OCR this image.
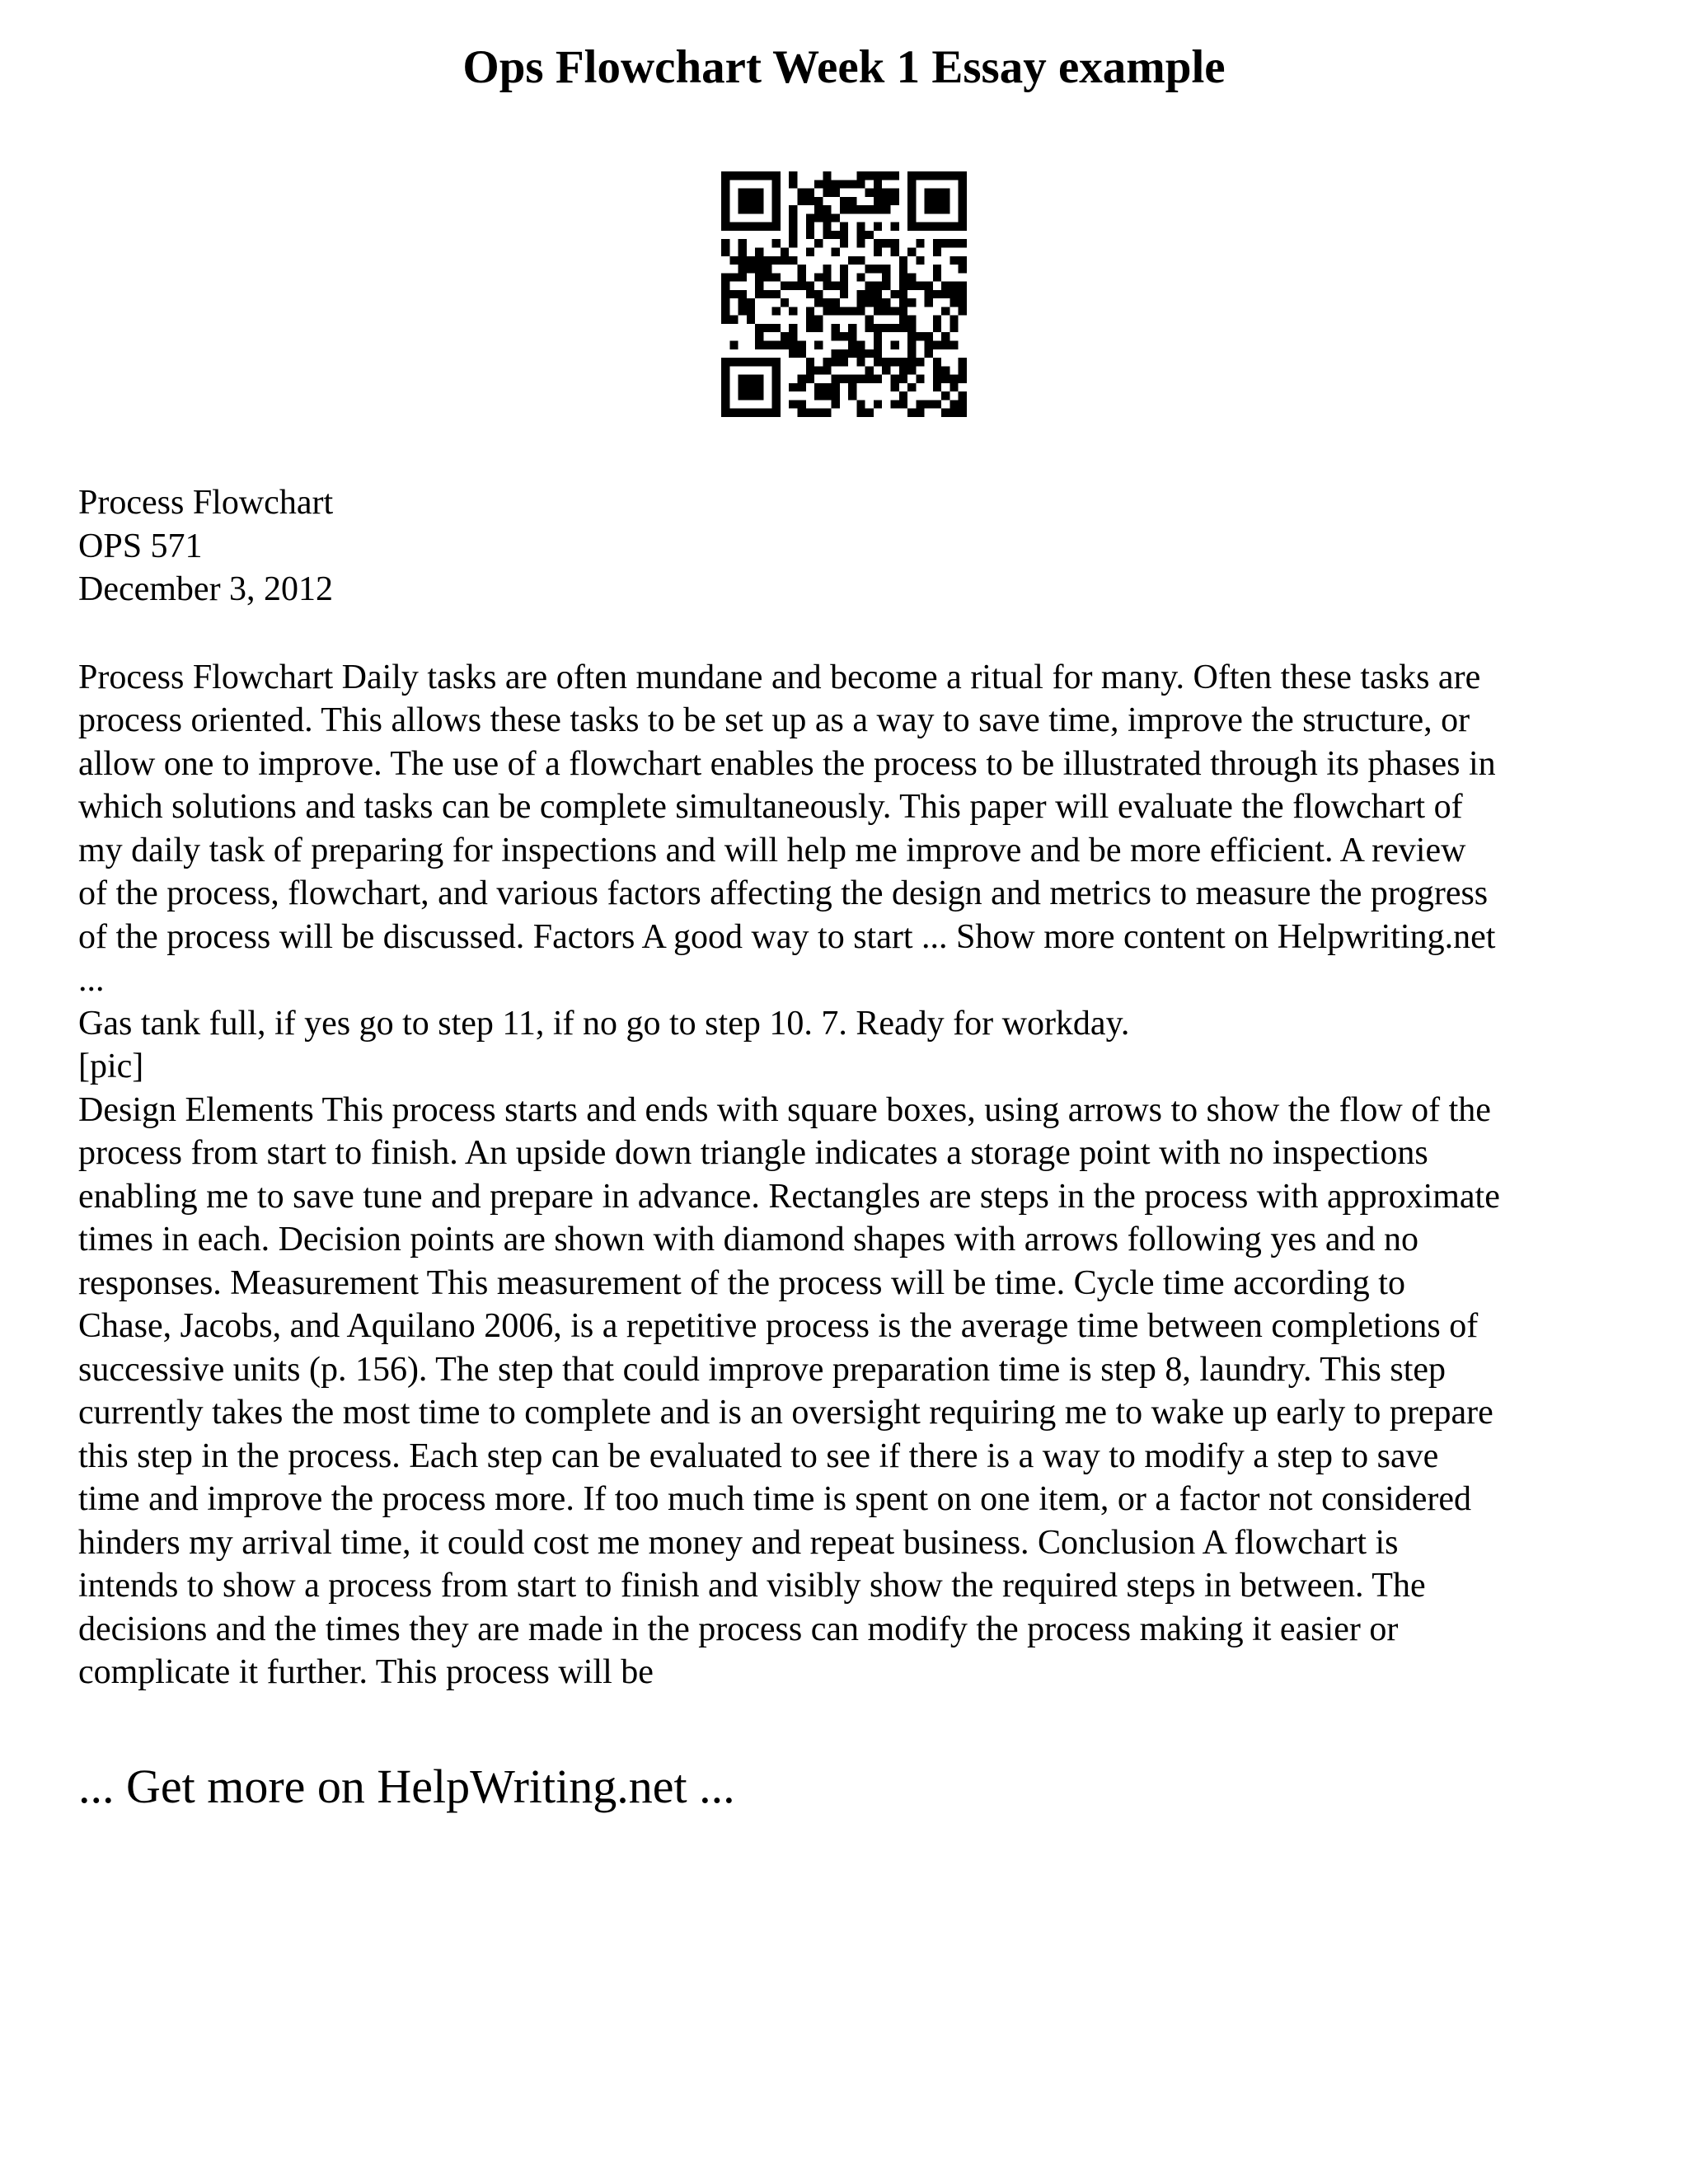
Ops Flowchart Week 1 Essay example
Process Flowchart
OPS 571
December 3, 2012
Process Flowchart Daily tasks are often mundane and become a ritual for many. Often these tasks are
process oriented. This allows these tasks to be set up as a way to save time, improve the structure, or
allow one to improve. The use of a flowchart enables the process to be illustrated through its phases in
which solutions and tasks can be complete simultaneously. This paper will evaluate the flowchart of
my daily task of preparing for inspections and will help me improve and be more efficient. A review
of the process, flowchart, and various factors affecting the design and metrics to measure the progress
of the process will be discussed. Factors A good way to start ... Show more content on Helpwriting.net
...
Gas tank full, if yes go to step 11, if no go to step 10. 7. Ready for workday.
[pic]
Design Elements This process starts and ends with square boxes, using arrows to show the flow of the
process from start to finish. An upside down triangle indicates a storage point with no inspections
enabling me to save tune and prepare in advance. Rectangles are steps in the process with approximate
times in each. Decision points are shown with diamond shapes with arrows following yes and no
responses. Measurement This measurement of the process will be time. Cycle time according to
Chase, Jacobs, and Aquilano 2006, is a repetitive process is the average time between completions of
successive units (p. 156). The step that could improve preparation time is step 8, laundry. This step
currently takes the most time to complete and is an oversight requiring me to wake up early to prepare
this step in the process. Each step can be evaluated to see if there is a way to modify a step to save
time and improve the process more. If too much time is spent on one item, or a factor not considered
hinders my arrival time, it could cost me money and repeat business. Conclusion A flowchart is
intends to show a process from start to finish and visibly show the required steps in between. The
decisions and the times they are made in the process can modify the process making it easier or
complicate it further. This process will be
... Get more on HelpWriting.net ...
